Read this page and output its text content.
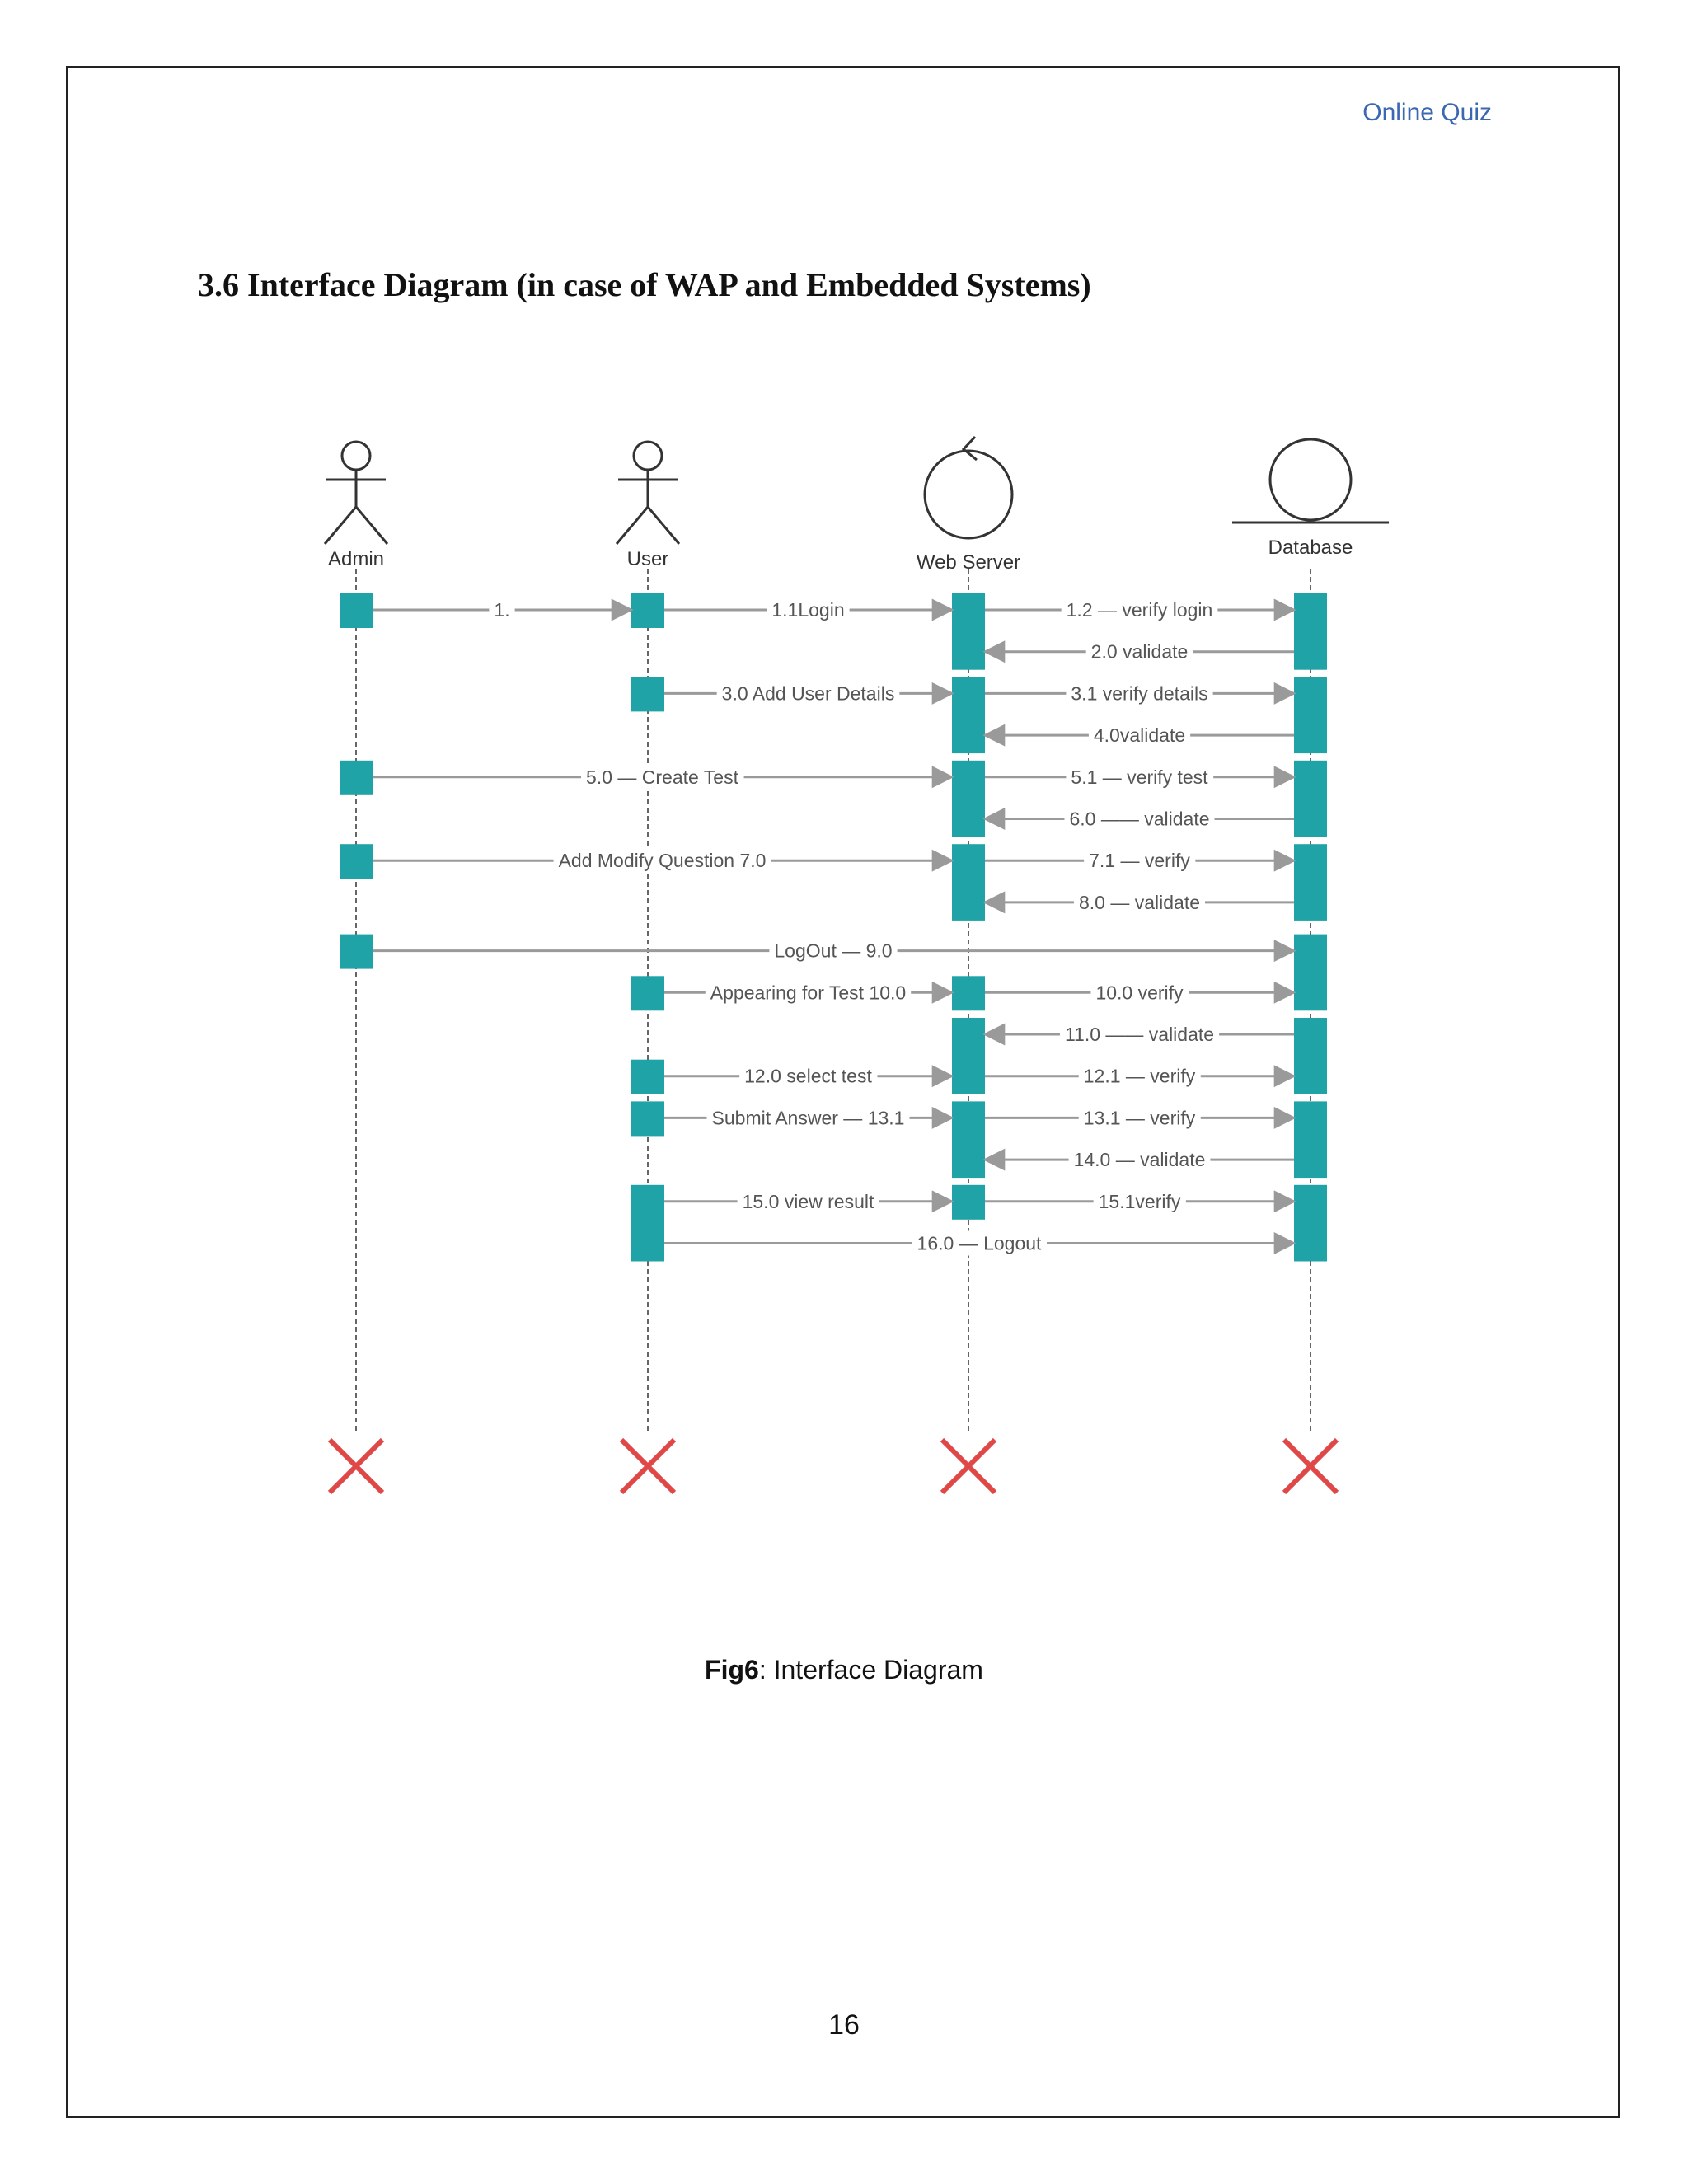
Online Quiz
3.6 Interface Diagram (in case of WAP and Embedded Systems)
Admin	User	Web Server
Database
1.	1.1Login	1.2 — verify login
2.0 validate
3.0 Add User Details	3.1 verify details
4.0validate
5.0 — Create Test	5.1 — verify test
6.0 —— validate
Add Modify Question 7.0	7.1 — verify
8.0 — validate
LogOut — 9.0
Appearing for Test 10.0	10.0 verify
11.0 —— validate
12.0 select test	12.1 — verify
Submit Answer — 13.1	13.1 — verify
14.0 — validate
15.0 view result	15.1verify
16.0 — Logout
Fig6: Interface Diagram
16
